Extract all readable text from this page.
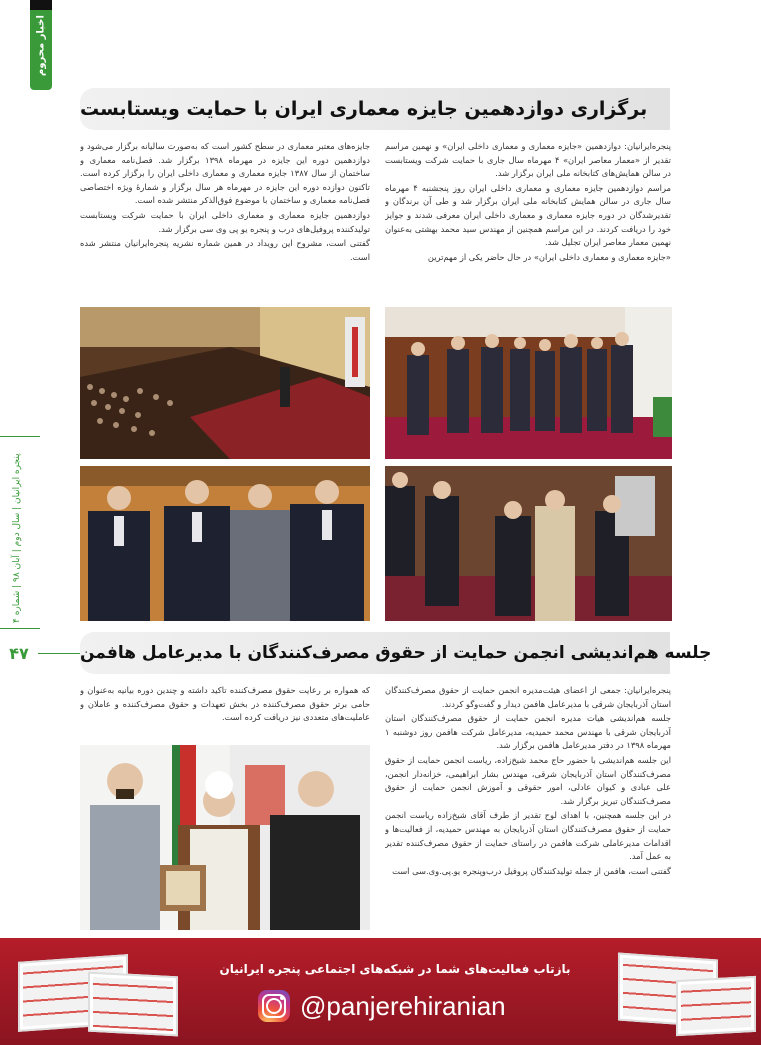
اخبار محروم
پنجره ایرانیان | سال دوم | آبان ۹۸ | شماره ۴
۴۷
برگزاری دوازدهمین جایزه معماری ایران با حمایت ویستابست

پنجره‌ایرانیان: دوازدهمین «جایزه معماری و معماری داخلی ایران» و نهمین مراسم تقدیر از «معمار معاصر ایران» ۴ مهرماه سال جاری با حمایت شرکت ویستابست در سالن همایش‌های کتابخانه ملی ایران برگزار شد.

مراسم دوازدهمین جایزه معماری و معماری داخلی ایران روز پنجشنبه ۴ مهرماه سال جاری در سالن همایش کتابخانه ملی ایران برگزار شد و طی آن برندگان و تقدیرشدگان در دوره جایزه معماری و معماری داخلی ایران معرفی شدند و جوایز خود را دریافت کردند. در این مراسم همچنین از مهندس سید محمد بهشتی به‌عنوان نهمین معمار معاصر ایران تجلیل شد.

«جایزه معماری و معماری داخلی ایران» در حال حاضر یکی از مهم‌ترین

جایزه‌های معتبر معماری در سطح کشور است که به‌صورت سالیانه برگزار می‌شود و دوازدهمین دوره این جایزه در مهرماه ۱۳۹۸ برگزار شد. فصل‌نامه معماری و ساختمان از سال ۱۳۸۷ جایزه معماری و معماری داخلی ایران را برگزار کرده است. تاکنون دوازده دوره این جایزه در مهرماه هر سال برگزار و شمارهٔ ویژه اختصاصی فصل‌نامه معماری و ساختمان با موضوع فوق‌الذکر منتشر شده است.

دوازدهمین جایزه معماری و معماری داخلی ایران با حمایت شرکت ویستابست تولیدکننده پروفیل‌های درب و پنجره یو پی وی سی برگزار شد.

گفتنی است، مشروح این رویداد در همین شماره نشریه پنجره‌ایرانیان منتشر شده است.

جلسه هم‌اندیشی انجمن حمایت از حقوق مصرف‌کنندگان با مدیرعامل هافمن

پنجره‌ایرانیان: جمعی از اعضای هیئت‌مدیره انجمن حمایت از حقوق مصرف‌کنندگان استان آذربایجان شرقی با مدیرعامل هافمن دیدار و گفت‌وگو کردند.

جلسه هم‌اندیشی هیات مدیره انجمن حمایت از حقوق مصرف‌کنندگان استان آذربایجان شرقی با مهندس محمد حمیدیه، مدیرعامل شرکت هافمن روز دوشنبه ۱ مهرماه ۱۳۹۸ در دفتر مدیرعامل هافمن برگزار شد.

این جلسه هم‌اندیشی با حضور حاج محمد شیخ‌زاده، ریاست انجمن حمایت از حقوق مصرف‌کنندگان استان آذربایجان شرقی، مهندس بشار ابراهیمی، خزانه‌دار انجمن، علی عبادی و کیوان عادلی، امور حقوقی و آموزش انجمن حمایت از حقوق مصرف‌کنندگان تبریز برگزار شد.

در این جلسه همچنین، با اهدای لوح تقدیر از طرف آقای شیخ‌زاده ریاست انجمن حمایت از حقوق مصرف‌کنندگان استان آذربایجان به مهندس حمیدیه، از فعالیت‌ها و اقدامات مدیرعاملی شرکت هافمن در راستای حمایت از حقوق مصرف‌کننده تقدیر به عمل آمد.

گفتنی است، هافمن از جمله تولیدکنندگان پروفیل درب‌وپنجره یو.پی.وی.سی است

که همواره بر رعایت حقوق مصرف‌کننده تاکید داشته و چندین دوره بیانیه به‌عنوان و حامی برتر حقوق مصرف‌کننده در بخش تعهدات و حقوق مصرف‌کننده و عاملان و عاملیت‌های متعددی نیز دریافت کرده است.

بازتاب فعالیت‌های شما در شبکه‌های اجتماعی پنجره ایرانیان
@panjerehiranian
